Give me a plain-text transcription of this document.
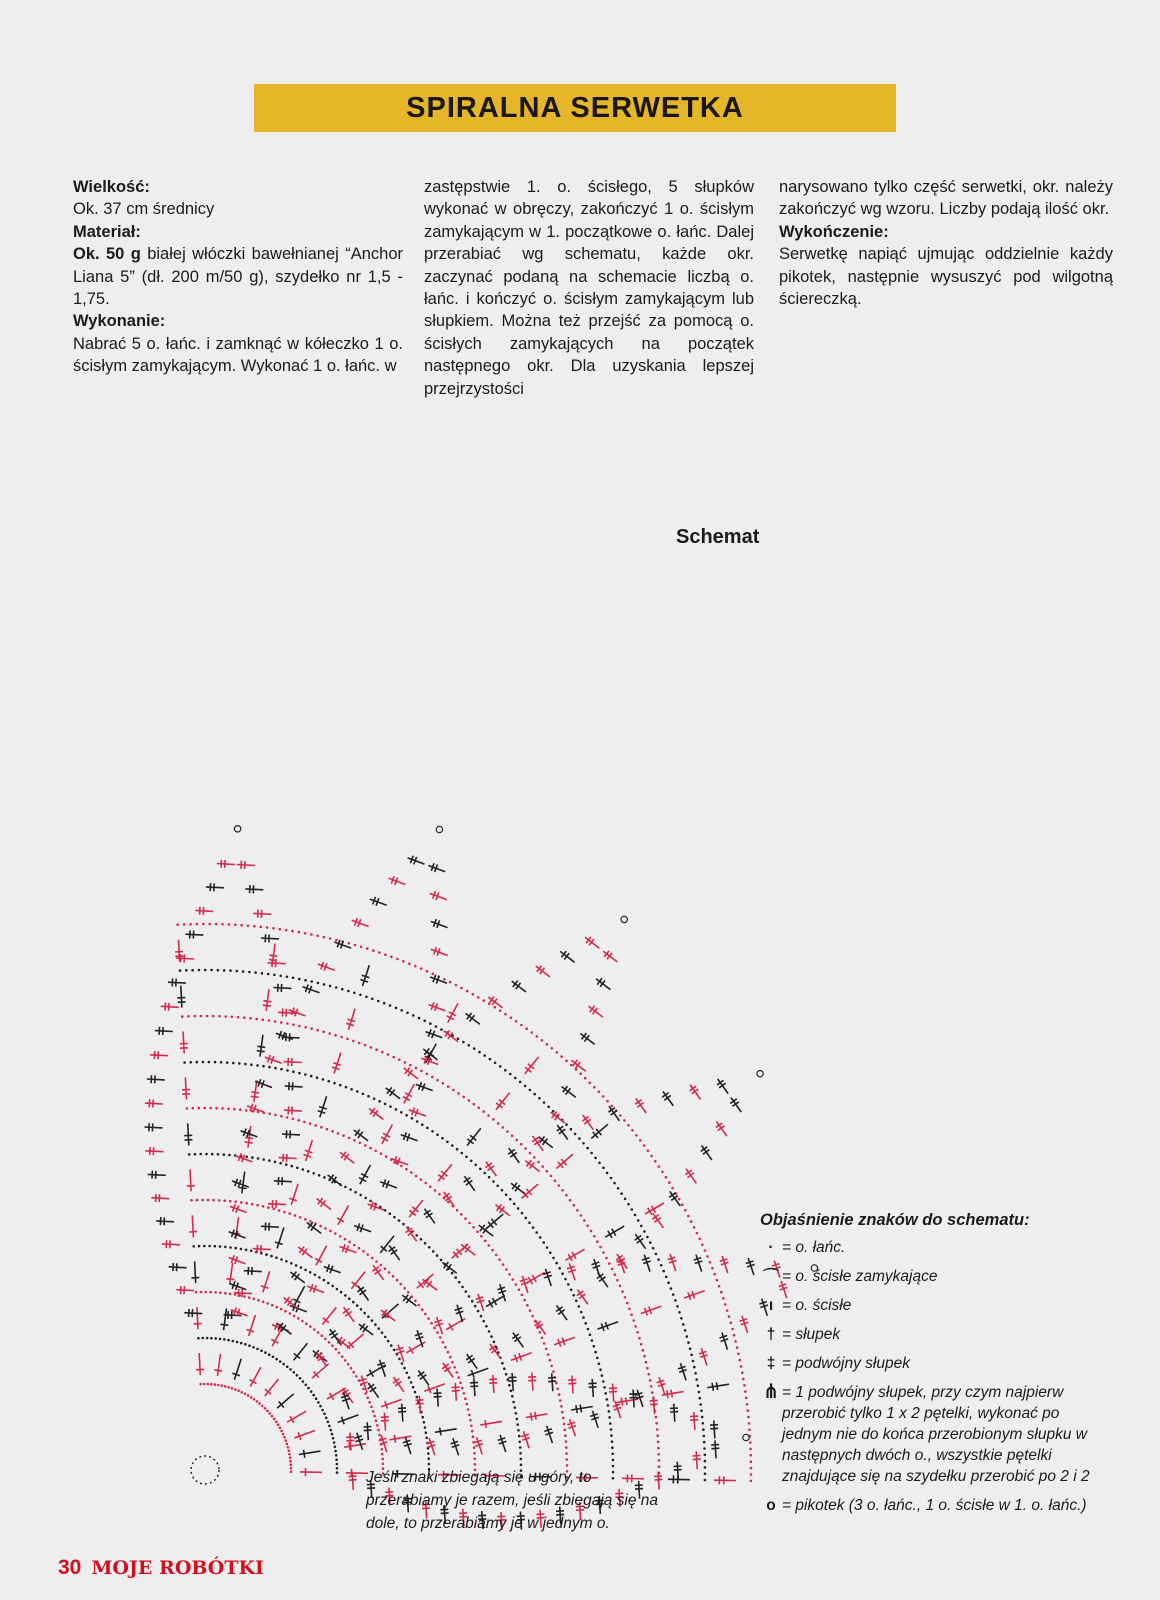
SPIRALNA SERWETKA

Wielkość:

Ok. 37 cm średnicy

Materiał:

Ok. 50 g białej włóczki bawełnianej “Anchor Liana 5” (dł. 200 m/50 g), szydełko nr 1,5 - 1,75.

Wykonanie:

Nabrać 5 o. łańc. i zamknąć w kółeczko 1 o. ścisłym zamykającym. Wykonać 1 o. łańc. w

zastępstwie 1. o. ścisłego, 5 słupków wykonać w obręczy, zakończyć 1 o. ścisłym zamykającym w 1. początkowe o. łańc. Dalej przerabiać wg schematu, każde okr. zaczynać podaną na schemacie liczbą o. łańc. i kończyć o. ścisłym zamykającym lub słupkiem. Można też przejść za pomocą o. ścisłych zamykających na początek następnego okr. Dla uzyskania lepszej przejrzystości

narysowano tylko część serwetki, okr. należy zakończyć wg wzoru. Liczby podają ilość okr.

Wykończenie:

Serwetkę napiąć ujmując oddzielnie każdy pikotek, następnie wysuszyć pod wilgotną ściereczką.

Schemat
Jeśli znaki zbiegają się u góry, to przerabiamy je razem, jeśli zbiegają się na dole, to przerabiamy je w jednym o.
Objaśnienie znaków do schematu:
· = o. łańc.
⌒ = o. ścisłe zamykające
ı = o. ścisłe
† = słupek
‡ = podwójny słupek
⋔ = 1 podwójny słupek, przy czym najpierw przerobić tylko 1 x 2 pętelki, wykonać po jednym nie do końca przerobionym słupku w następnych dwóch o., wszystkie pętelki znajdujące się na szydełku przerobić po 2 i 2
o = pikotek (3 o. łańc., 1 o. ścisłe w 1. o. łańc.)
30 MOJE ROBÓTKI
